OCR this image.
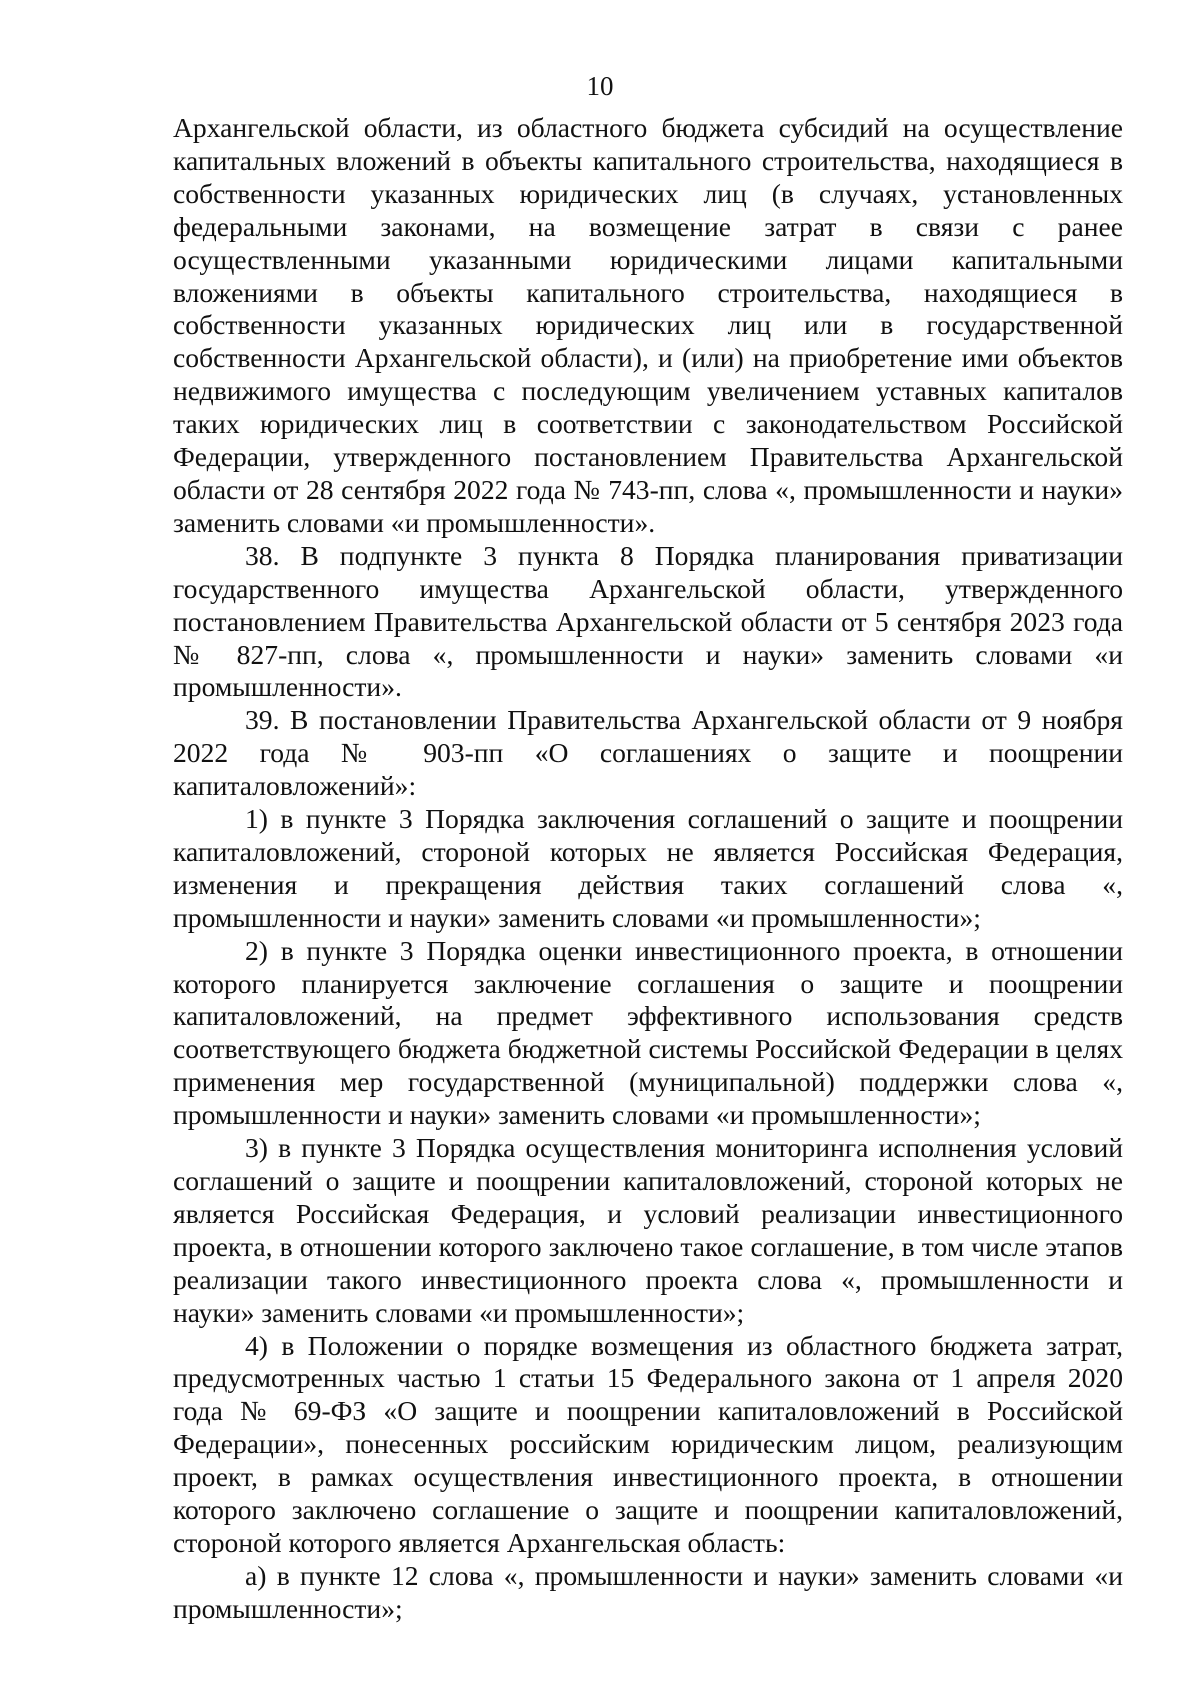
10

Архангельской области, из областного бюджета субсидий на осуществление капитальных вложений в объекты капитального строительства, находящиеся в собственности указанных юридических лиц (в случаях, установленных федеральными законами, на возмещение затрат в связи с ранее осуществленными указанными юридическими лицами капитальными вложениями в объекты капитального строительства, находящиеся в собственности указанных юридических лиц или в государственной собственности Архангельской области), и (или) на приобретение ими объектов недвижимого имущества с последующим увеличением уставных капиталов таких юридических лиц в соответствии с законодательством Российской Федерации, утвержденного постановлением Правительства Архангельской области от 28 сентября 2022 года № 743-пп, слова «, промышленности и науки» заменить словами «и промышленности».

38. В подпункте 3 пункта 8 Порядка планирования приватизации государственного имущества Архангельской области, утвержденного постановлением Правительства Архангельской области от 5 сентября 2023 года № 827-пп, слова «, промышленности и науки» заменить словами «и промышленности».

39. В постановлении Правительства Архангельской области от 9 ноября 2022 года № 903-пп «О соглашениях о защите и поощрении капиталовложений»:

1) в пункте 3 Порядка заключения соглашений о защите и поощрении капиталовложений, стороной которых не является Российская Федерация, изменения и прекращения действия таких соглашений слова «, промышленности и науки» заменить словами «и промышленности»;

2) в пункте 3 Порядка оценки инвестиционного проекта, в отношении которого планируется заключение соглашения о защите и поощрении капиталовложений, на предмет эффективного использования средств соответствующего бюджета бюджетной системы Российской Федерации в целях применения мер государственной (муниципальной) поддержки слова «, промышленности и науки» заменить словами «и промышленности»;

3) в пункте 3 Порядка осуществления мониторинга исполнения условий соглашений о защите и поощрении капиталовложений, стороной которых не является Российская Федерация, и условий реализации инвестиционного проекта, в отношении которого заключено такое соглашение, в том числе этапов реализации такого инвестиционного проекта слова «, промышленности и науки» заменить словами «и промышленности»;

4) в Положении о порядке возмещения из областного бюджета затрат, предусмотренных частью 1 статьи 15 Федерального закона от 1 апреля 2020 года № 69-ФЗ «О защите и поощрении капиталовложений в Российской Федерации», понесенных российским юридическим лицом, реализующим проект, в рамках осуществления инвестиционного проекта, в отношении которого заключено соглашение о защите и поощрении капиталовложений, стороной которого является Архангельская область:

а) в пункте 12 слова «, промышленности и науки» заменить словами «и промышленности»;
